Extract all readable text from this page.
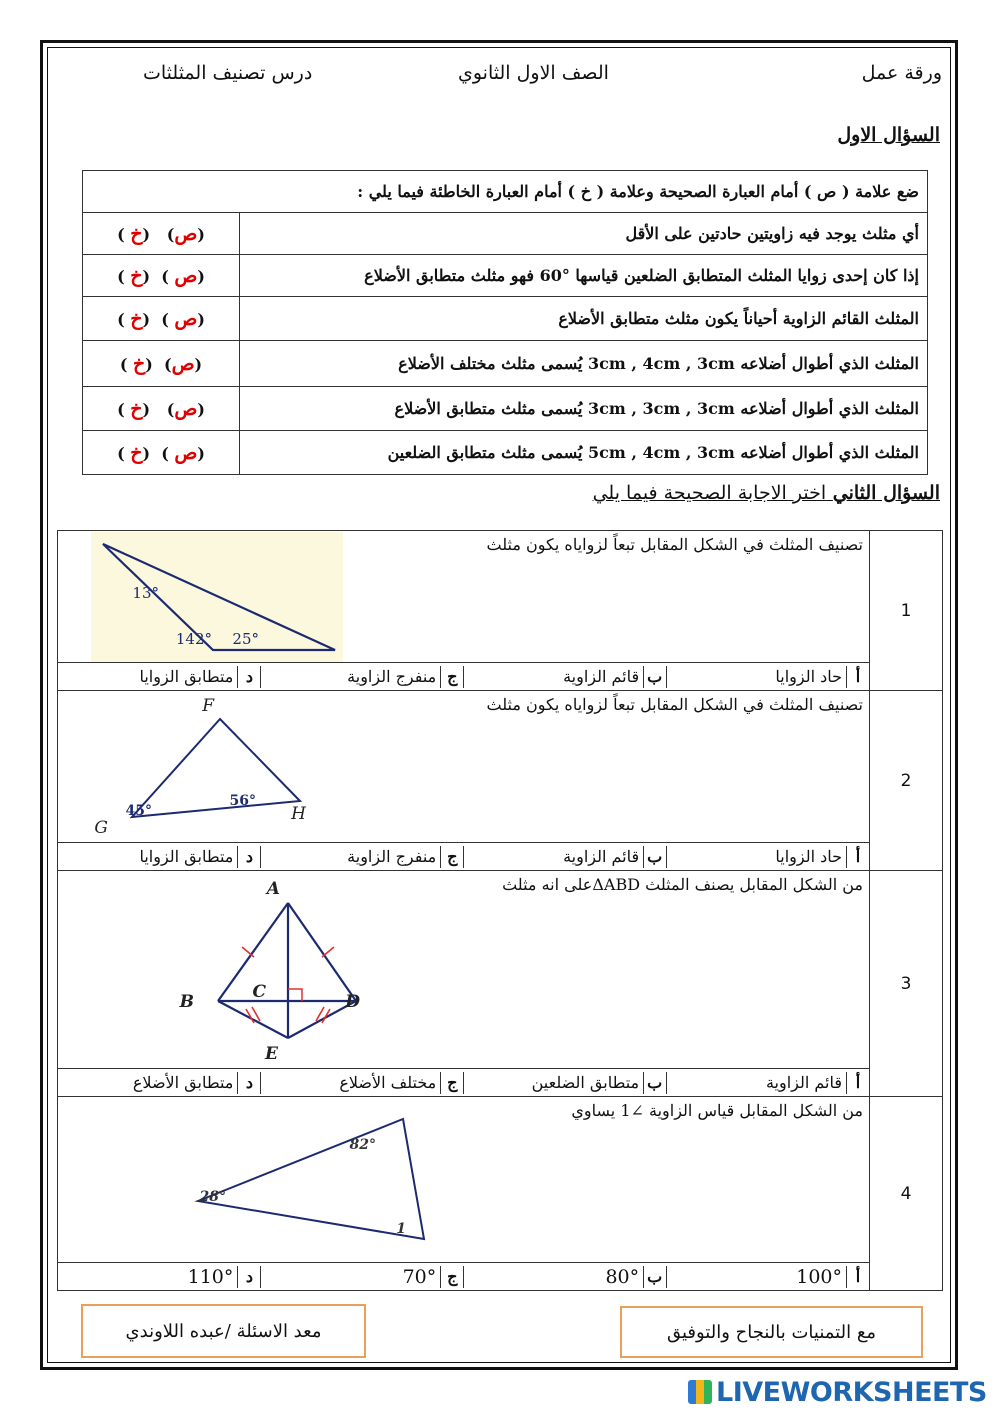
ورقة عمل
الصف الاول الثانوي
درس تصنيف المثلثات
السؤال الاول
ضع علامة ( ص ) أمام العبارة الصحيحة وعلامة ( خ ) أمام العبارة الخاطئة فيما يلي :	
أي مثلث يوجد فيه زاويتين حادتين على الأقل	(ص)   (خ )
إذا كان إحدى زوايا المثلث المتطابق الضلعين قياسها °60 فهو مثلث متطابق الأضلاع	(ص )  (خ )
المثلث القائم الزاوية أحياناً يكون مثلث متطابق الأضلاع	(ص )  (خ )
المثلث الذي أطوال أضلاعه 3cm , 4cm , 3cm يُسمى مثلث مختلف الأضلاع	(ص)  (خ )
المثلث الذي أطوال أضلاعه 3cm , 3cm , 3cm يُسمى مثلث متطابق الأضلاع	(ص)   (خ )
المثلث الذي أطوال أضلاعه 5cm , 4cm , 3cm يُسمى مثلث متطابق الضلعين	(ص )  (خ )
السؤال الثاني اختر الاجابة الصحيحة فيما يلي
1	
تصنيف المثلث في الشكل المقابل تبعاً لزواياه يكون مثلث
13°
142° 25°

أ	حاد الزوايا	ب	قائم الزاوية	ج	منفرج الزاوية	د	متطابق الزوايا

2	
تصنيف المثلث في الشكل المقابل تبعاً لزواياه يكون مثلث
F
G
H
45°
56°

أ	حاد الزوايا	ب	قائم الزاوية	ج	منفرج الزاوية	د	متطابق الزوايا

3	
من الشكل المقابل يصنف المثلث ΔABDعلى انه مثلث
A
B	C	D
E

أ	قائم الزاوية	ب	متطابق الضلعين	ج	مختلف الأضلاع	د	متطابق الأضلاع

4	
من الشكل المقابل قياس الزاوية ∠1 يساوي
82°
28°
1

أ	100°	ب	80°	ج	70°	د	110°
مع التمنيات بالنجاح والتوفيق
معد الاسئلة /عبده اللاوندي
LIVEWORKSHEETS
